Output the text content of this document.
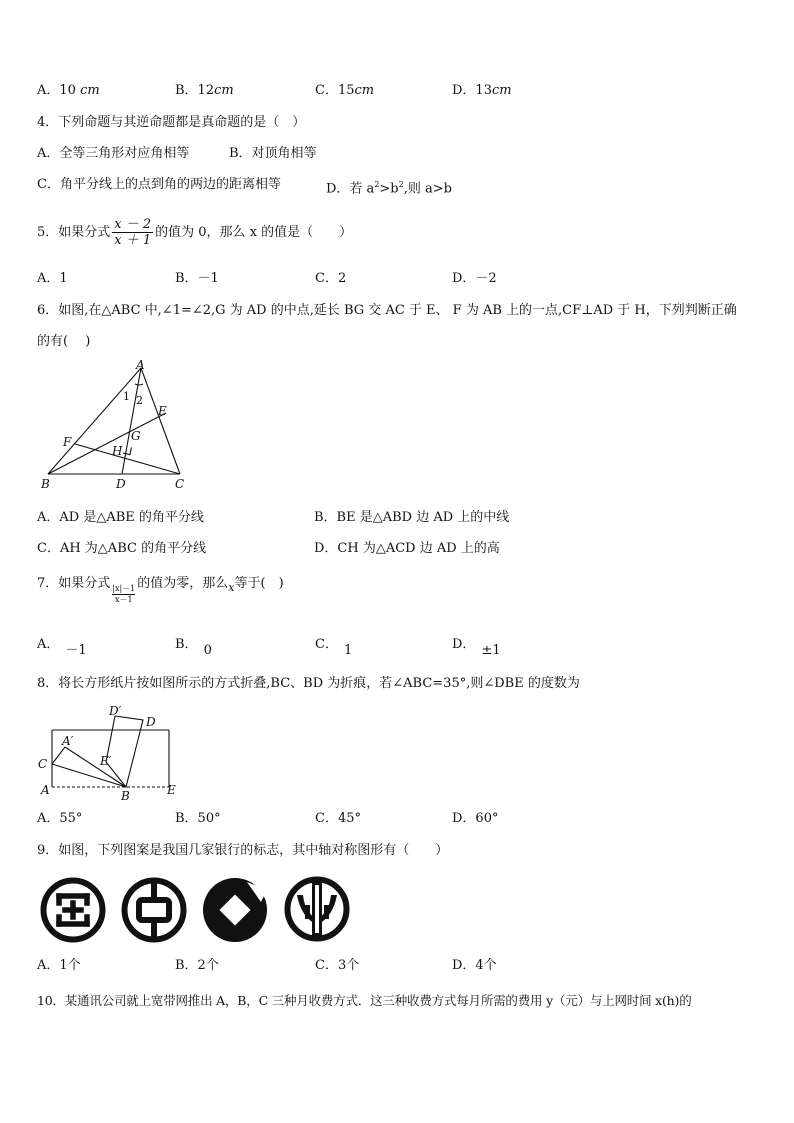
A．10 cm	B．12cm	C．15cm	D．13cm
4．下列命题与其逆命题都是真命题的是（　）
A．全等三角形对应角相等	B．对顶角相等
C．角平分线上的点到角的两边的距离相等	D．若 $a^2>b^2$,则 a>b
5．如果分式 $\frac{x - 2}{x + 1}$ 的值为 0，那么 x 的值是（　　）
A．1	B．－1	C．2	D．－2
6．如图,在△ABC 中,∠1=∠2,G 为 AD 的中点,延长 BG 交 AC 于 E、 F 为 AB 上的一点,CF⊥AD 于 H，下列判断正确
的有(　 )
A
B	C
D
E
F	G
H
1 2
A．AD 是△ABE 的角平分线	B．BE 是△ABD 边 AD 上的中线
C．AH 为△ABC 的角平分线	D．CH 为△ACD 边 AD 上的高
7．如果分式
$\frac{|x|-1}{x-1}$
的值为零，那么$_x$等于(　)
A． －1	B． 0	C． 1	D． ±1
8．将长方形纸片按如图所示的方式折叠,BC、BD 为折痕，若∠ABC=35°,则∠DBE 的度数为
D′
D
A′
C	E′
A	B	E
A．55°	B．50°	C．45°	D．60°
9．如图，下列图案是我国几家银行的标志，其中轴对称图形有（　　）
A．1个	B．2个	C．3个	D．4个
10．某通讯公司就上宽带网推出 A，B，C 三种月收费方式．这三种收费方式每月所需的费用 y（元）与上网时间 x(h)的
